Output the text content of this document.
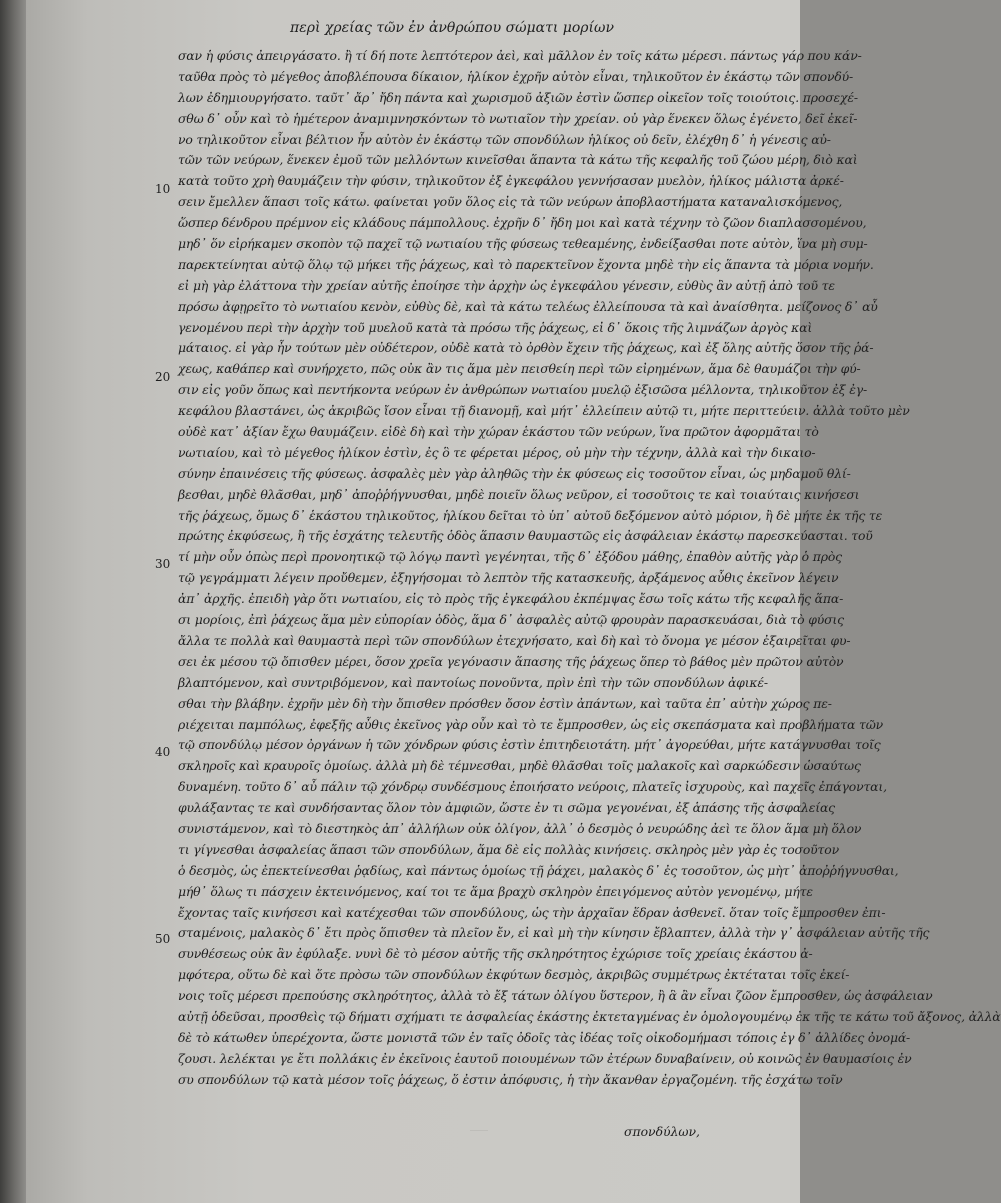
περὶ χρείας τῶν ἐν ἀνθρώπου σώματι μορίων
10
20
30
40
50
σαν ἡ φύσις ἀπειργάσατο. ἢ τί δή ποτε λεπτότερον ἀεὶ, καὶ μᾶλλον ἐν τοῖς κάτω μέρεσι. πάντως γάρ που κάν-
ταῦθα πρὸς τὸ μέγεθος ἀποβλέπουσα δίκαιον, ἡλίκον ἐχρῆν αὐτὸν εἶναι, τηλικοῦτον ἐν ἑκάστῳ τῶν σπονδύ-
λων ἐδημιουργήσατο. ταῦτ᾽ ἄρ᾽ ἤδη πάντα καὶ χωρισμοῦ ἀξιῶν ἐστὶν ὥσπερ οἰκεῖον τοῖς τοιούτοις. προσεχέ-
σθω δ᾽ οὖν καὶ τὸ ἡμέτερον ἀναμιμνησκόντων τὸ νωτιαῖον τὴν χρείαν. οὐ γὰρ ἕνεκεν ὅλως ἐγένετο, δεῖ ἐκεῖ-
νο τηλικοῦτον εἶναι βέλτιον ἦν αὐτὸν ἐν ἑκάστῳ τῶν σπονδύλων ἡλίκος οὐ δεῖν, ἐλέχθη δ᾽ ἡ γένεσις αὐ-
τῶν τῶν νεύρων, ἕνεκεν ἐμοῦ τῶν μελλόντων κινεῖσθαι ἅπαντα τὰ κάτω τῆς κεφαλῆς τοῦ ζώου μέρη, διὸ καὶ
κατὰ τοῦτο χρὴ θαυμάζειν τὴν φύσιν, τηλικοῦτον ἐξ ἐγκεφάλου γεννήσασαν μυελὸν, ἡλίκος μάλιστα ἀρκέ-
σειν ἔμελλεν ἅπασι τοῖς κάτω. φαίνεται γοῦν ὅλος εἰς τὰ τῶν νεύρων ἀποβλαστήματα καταναλισκόμενος,
ὥσπερ δένδρου πρέμνον εἰς κλάδους πάμπολλους. ἐχρῆν δ᾽ ἤδη μοι καὶ κατὰ τέχνην τὸ ζῶον διαπλασσομένου,
μηδ᾽ ὅν εἰρήκαμεν σκοπὸν τῷ παχεῖ τῷ νωτιαίου τῆς φύσεως τεθεαμένης, ἐνδείξασθαι ποτε αὐτὸν, ἵνα μὴ συμ-
παρεκτείνηται αὐτῷ ὅλῳ τῷ μήκει τῆς ῥάχεως, καὶ τὸ παρεκτεῖνον ἔχοντα μηδὲ τὴν εἰς ἅπαντα τὰ μόρια νομήν.
εἰ μὴ γὰρ ἐλάττονα τὴν χρείαν αὐτῆς ἐποίησε τὴν ἀρχὴν ὡς ἐγκεφάλου γένεσιν, εὐθὺς ἂν αὐτῇ ἀπὸ τοῦ τε
πρόσω ἀφῃρεῖτο τὸ νωτιαίου κενὸν, εὐθὺς δὲ, καὶ τὰ κάτω τελέως ἐλλείπουσα τὰ καὶ ἀναίσθητα. μείζονος δ᾽ αὖ
γενομένου περὶ τὴν ἀρχὴν τοῦ μυελοῦ κατὰ τὰ πρόσω τῆς ῥάχεως, εἰ δ᾽ ὅκοις τῆς λιμνάζων ἀργὸς καὶ
μάταιος. εἰ γὰρ ἦν τούτων μὲν οὐδέτερον, οὐδὲ κατὰ τὸ ὀρθὸν ἔχειν τῆς ῥάχεως, καὶ ἐξ ὅλης αὐτῆς ὅσον τῆς ῥά-
χεως, καθάπερ καὶ συνήρχετο, πῶς οὐκ ἂν τις ἅμα μὲν πεισθείη περὶ τῶν εἰρημένων, ἅμα δὲ θαυμάζοι τὴν φύ-
σιν εἰς γοῦν ὅπως καὶ πεντήκοντα νεύρων ἐν ἀνθρώπων νωτιαίου μυελῷ ἐξισῶσα μέλλοντα, τηλικοῦτον ἐξ ἐγ-
κεφάλου βλαστάνει, ὡς ἀκριβῶς ἴσον εἶναι τῇ διανομῇ, καὶ μήτ᾽ ἐλλείπειν αὐτῷ τι, μήτε περιττεύειν. ἀλλὰ τοῦτο μὲν
οὐδὲ κατ᾽ ἀξίαν ἔχω θαυμάζειν. εἰδὲ δὴ καὶ τὴν χώραν ἑκάστου τῶν νεύρων, ἵνα πρῶτον ἀφορμᾶται τὸ
νωτιαίου, καὶ τὸ μέγεθος ἡλίκον ἐστὶν, ἐς ὃ τε φέρεται μέρος, οὐ μὴν τὴν τέχνην, ἀλλὰ καὶ τὴν δικαιο-
σύνην ἐπαινέσεις τῆς φύσεως. ἀσφαλὲς μὲν γὰρ ἀληθῶς τὴν ἐκ φύσεως εἰς τοσοῦτον εἶναι, ὡς μηδαμοῦ θλί-
βεσθαι, μηδὲ θλᾶσθαι, μηδ᾽ ἀποῤῥήγνυσθαι, μηδὲ ποιεῖν ὅλως νεῦρον, εἰ τοσοῦτοις τε καὶ τοιαύταις κινήσεσι
τῆς ῥάχεως, ὅμως δ᾽ ἑκάστου τηλικοῦτος, ἡλίκου δεῖται τὸ ὑπ᾽ αὐτοῦ δεξόμενον αὐτὸ μόριον, ἢ δὲ μήτε ἐκ τῆς τε
πρώτης ἐκφύσεως, ἢ τῆς ἐσχάτης τελευτῆς ὁδὸς ἅπασιν θαυμαστῶς εἰς ἀσφάλειαν ἑκάστῳ παρεσκεύασται. τοῦ
τί μὴν οὖν ὁπὼς περὶ προνοητικῷ τῷ λόγῳ παντὶ γεγένηται, τῆς δ᾽ ἐξόδου μάθης, ἐπαθὸν αὐτῆς γὰρ ὁ πρὸς
τῷ γεγράμματι λέγειν προὔθεμεν, ἐξηγήσομαι τὸ λεπτὸν τῆς κατασκευῆς, ἀρξάμενος αὖθις ἐκεῖνον λέγειν
ἀπ᾽ ἀρχῆς. ἐπειδὴ γὰρ ὅτι νωτιαίου, εἰς τὸ πρὸς τῆς ἐγκεφάλου ἐκπέμψας ἔσω τοῖς κάτω τῆς κεφαλῆς ἅπα-
σι μορίοις, ἐπὶ ῥάχεως ἅμα μὲν εὐπορίαν ὁδὸς, ἅμα δ᾽ ἀσφαλὲς αὐτῷ φρουρὰν παρασκευάσαι, διὰ τὸ φύσις
ἄλλα τε πολλὰ καὶ θαυμαστὰ περὶ τῶν σπονδύλων ἐτεχνήσατο, καὶ δὴ καὶ τὸ ὄνομα γε μέσον ἐξαιρεῖται φυ-
σει ἐκ μέσου τῷ ὄπισθεν μέρει, ὅσον χρεῖα γεγόνασιν ἅπασης τῆς ῥάχεως ὅπερ τὸ βάθος μὲν πρῶτον αὐτὸν
βλαπτόμενον, καὶ συντριβόμενον, καὶ παντοίως πονοῦντα, πρὶν ἐπὶ τὴν τῶν σπονδύλων ἀφικέ-
σθαι τὴν βλάβην. ἐχρῆν μὲν δὴ τὴν ὄπισθεν πρόσθεν ὄσον ἐστὶν ἀπάντων, καὶ ταῦτα ἐπ᾽ αὐτὴν χώρος πε-
ριέχειται παμπόλως, ἐφεξῆς αὖθις ἐκεῖνος γὰρ οὖν καὶ τὸ τε ἔμπροσθεν, ὡς εἰς σκεπάσματα καὶ προβλήματα τῶν
τῷ σπονδύλῳ μέσον ὀργάνων ἡ τῶν χόνδρων φύσις ἐστὶν ἐπιτηδειοτάτη. μήτ᾽ ἀγορεύθαι, μήτε κατάγνυσθαι τοῖς
σκληροῖς καὶ κραυροῖς ὁμοίως. ἀλλὰ μὴ δὲ τέμνεσθαι, μηδὲ θλᾶσθαι τοῖς μαλακοῖς καὶ σαρκώδεσιν ὡσαύτως
δυναμένη. τοῦτο δ᾽ αὖ πάλιν τῷ χόνδρῳ συνδέσμους ἐποιήσατο νεύροις, πλατεῖς ἰσχυροὺς, καὶ παχεῖς ἐπάγονται,
φυλάξαντας τε καὶ συνδήσαντας ὅλον τὸν ἀμφιῶν, ὥστε ἐν τι σῶμα γεγονέναι, ἐξ ἁπάσης τῆς ἀσφαλείας
συνιστάμενον, καὶ τὸ διεστηκὸς ἀπ᾽ ἀλλήλων οὐκ ὀλίγον, ἀλλ᾽ ὁ δεσμὸς ὁ νευρώδης ἀεὶ τε ὅλον ἅμα μὴ ὅλον
τι γίγνεσθαι ἀσφαλείας ἅπασι τῶν σπονδύλων, ἅμα δὲ εἰς πολλὰς κινήσεις. σκληρὸς μὲν γὰρ ἐς τοσοῦτον
ὁ δεσμὸς, ὡς ἐπεκτείνεσθαι ῥᾳδίως, καὶ πάντως ὁμοίως τῇ ῥάχει, μαλακὸς δ᾽ ἐς τοσοῦτον, ὡς μὴτ᾽ ἀποῤῥήγνυσθαι,
μήθ᾽ ὅλως τι πάσχειν ἐκτεινόμενος, καί τοι τε ἅμα βραχὺ σκληρὸν ἐπειγόμενος αὐτὸν γενομένῳ, μήτε
ἔχοντας ταῖς κινήσεσι καὶ κατέχεσθαι τῶν σπονδύλους, ὡς τὴν ἀρχαῖαν ἕδραν ἀσθενεῖ. ὅταν τοῖς ἔμπροσθεν ἐπι-
σταμένοις, μαλακὸς δ᾽ ἔτι πρὸς ὅπισθεν τὰ πλεῖον ἔν, εἰ καὶ μὴ τὴν κίνησιν ἔβλαπτεν, ἀλλὰ τὴν γ᾽ ἀσφάλειαν αὐτῆς τῆς
συνθέσεως οὐκ ἂν ἐφύλαξε. νυνὶ δὲ τὸ μέσον αὐτῆς τῆς σκληρότητος ἐχώρισε τοῖς χρείαις ἑκάστου ἀ-
μφότερα, οὕτω δὲ καὶ ὅτε πρὸσω τῶν σπονδύλων ἐκφύτων δεσμὸς, ἀκριβῶς συμμέτρως ἐκτέταται τοῖς ἐκεί-
νοις τοῖς μέρεσι πρεπούσης σκληρότητος, ἀλλὰ τὸ ἔξ τάτων ὀλίγου ὕστερον, ἢ ἃ ἂν εἶναι ζῶον ἔμπροσθεν, ὡς ἀσφάλειαν
αὐτῇ ὁδεῦσαι, προσθεὶς τῷ δήματι σχήματι τε ἀσφαλείας ἑκάστης ἐκτεταγμένας ἐν ὁμολογουμένῳ ἐκ τῆς τε κάτω τοῦ ἄξονος, ἀλλὰ
δὲ τὸ κάτωθεν ὑπερέχοντα, ὥστε μονιστᾶ τῶν ἐν ταῖς ὀδοῖς τὰς ἰδέας τοῖς οἰκοδομήμασι τόποις ἐγ δ᾽ ἀλλίδες ὀνομά-
ζουσι. λελέκται γε ἔτι πολλάκις ἐν ἐκεῖνοις ἑαυτοῦ ποιουμένων τῶν ἐτέρων δυναβαίνειν, οὐ κοινῶς ἐν θαυμασίοις ἐν
συ σπονδύλων τῷ κατὰ μέσον τοῖς ῥάχεως, ὅ ἐστιν ἀπόφυσις, ἡ τὴν ἄκανθαν ἐργαζομένη. τῆς ἐσχάτω τοῖν
σπονδύλων,
